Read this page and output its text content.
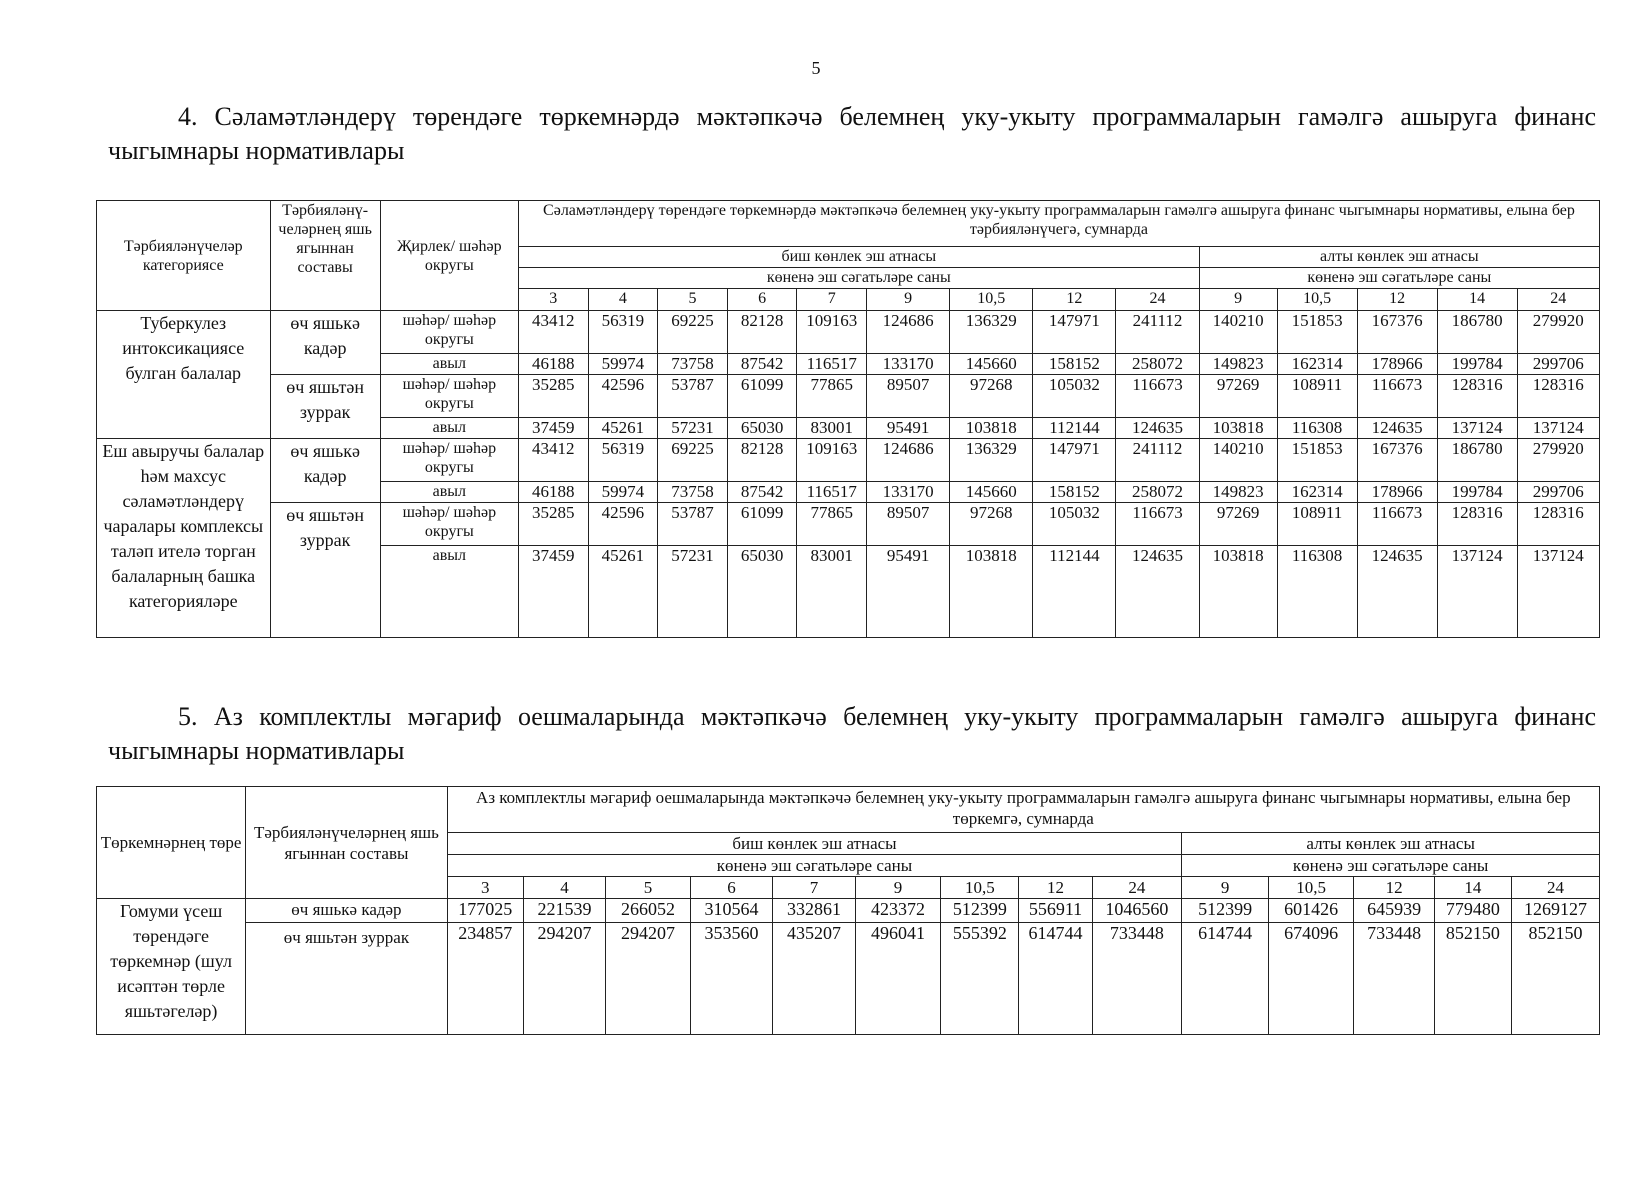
5
4. Сәламәтләндерү төрендәге төркемнәрдә мәктәпкәчә белемнең уку-укыту программаларын гамәлгә ашыруга финанс чыгымнары нормативлары
Тәрбияләнүчеләр категориясе	Тәрбияләнү-челәрнең яшь ягыннан составы	Җирлек/ шәһәр округы	Сәламәтләндерү төрендәге төркемнәрдә мәктәпкәчә белемнең уку-укыту программаларын гамәлгә ашыруга финанс чыгымнары нормативы, елына бер тәрбияләнүчегә, сумнарда													
			биш көнлек эш атнасы									алты көнлек эш атнасы				
			көненә эш сәгатьләре саны									көненә эш сәгатьләре саны				
			3	4	5	6	7	9	10,5	12	24	9	10,5	12	14	24
Туберкулез интоксикациясе булган балалар	өч яшькә кадәр	шәһәр/ шәһәр округы	43412	56319	69225	82128	109163	124686	136329	147971	241112	140210	151853	167376	186780	279920
		авыл	46188	59974	73758	87542	116517	133170	145660	158152	258072	149823	162314	178966	199784	299706
	өч яшьтән зуррак	шәһәр/ шәһәр округы	35285	42596	53787	61099	77865	89507	97268	105032	116673	97269	108911	116673	128316	128316
		авыл	37459	45261	57231	65030	83001	95491	103818	112144	124635	103818	116308	124635	137124	137124
Еш авыручы балалар һәм махсус сәламәтләндерү чаралары комплексы таләп ителә торган балаларның башка категорияләре	өч яшькә кадәр	шәһәр/ шәһәр округы	43412	56319	69225	82128	109163	124686	136329	147971	241112	140210	151853	167376	186780	279920
		авыл	46188	59974	73758	87542	116517	133170	145660	158152	258072	149823	162314	178966	199784	299706
	өч яшьтән зуррак	шәһәр/ шәһәр округы	35285	42596	53787	61099	77865	89507	97268	105032	116673	97269	108911	116673	128316	128316
		авыл	37459	45261	57231	65030	83001	95491	103818	112144	124635	103818	116308	124635	137124	137124
5. Аз комплектлы мәгариф оешмаларында мәктәпкәчә белемнең уку-укыту программаларын гамәлгә ашыруга финанс чыгымнары нормативлары
Төркемнәрнең төре	Тәрбияләнүчеләрнең яшь ягыннан составы	Аз комплектлы мәгариф оешмаларында мәктәпкәчә белемнең уку-укыту программаларын гамәлгә ашыруга финанс чыгымнары нормативы, елына бер төркемгә, сумнарда													
		биш көнлек эш атнасы									алты көнлек эш атнасы				
		көненә эш сәгатьләре саны									көненә эш сәгатьләре саны				
		3	4	5	6	7	9	10,5	12	24	9	10,5	12	14	24
Гомуми үсеш төрендәге төркемнәр (шул исәптән төрле яшьтәгеләр)	өч яшькә кадәр	177025	221539	266052	310564	332861	423372	512399	556911	1046560	512399	601426	645939	779480	1269127
	өч яшьтән зуррак	234857	294207	294207	353560	435207	496041	555392	614744	733448	614744	674096	733448	852150	852150
